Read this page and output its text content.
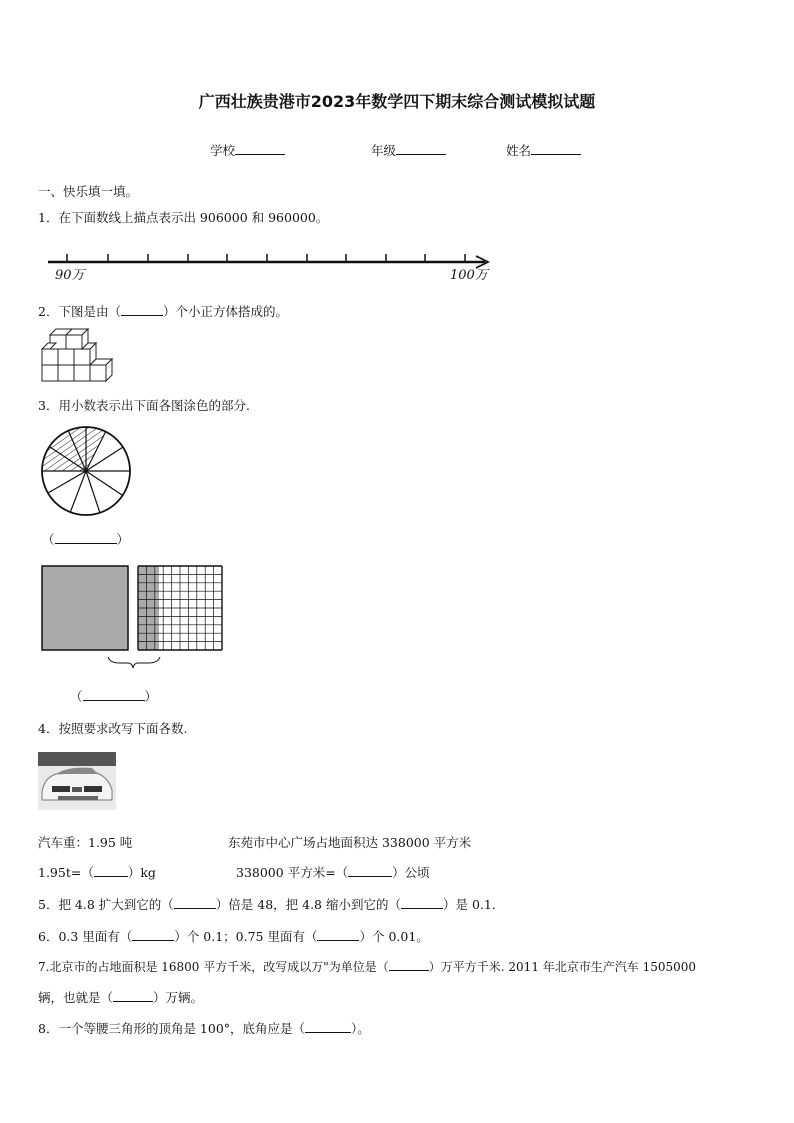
广西壮族贵港市2023年数学四下期末综合测试模拟试题
学校	年级	姓名
一、快乐填一填。
1．在下面数线上描点表示出 906000 和 960000。
90万	100万
2．下图是由（	）个小正方体搭成的。
3．用小数表示出下面各图涂色的部分.
（	）
（	）
4．按照要求改写下面各数.
汽车重：1.95 吨	东苑市中心广场占地面积达 338000 平方米
1.95t=（	）kg	338000 平方米=（	）公顷
5．把 4.8 扩大到它的（	）倍是 48，把 4.8 缩小到它的（	）是 0.1.
6．0.3 里面有（	）个 0.1；0.75 里面有（	）个 0.01。
7.北京市的占地面积是 16800 平方千米，改写成以万"为单位是（	）万平方千米. 2011 年北京市生产汽车 1505000
辆，也就是（	）万辆。
8．一个等腰三角形的顶角是 100°，底角应是（	）。
